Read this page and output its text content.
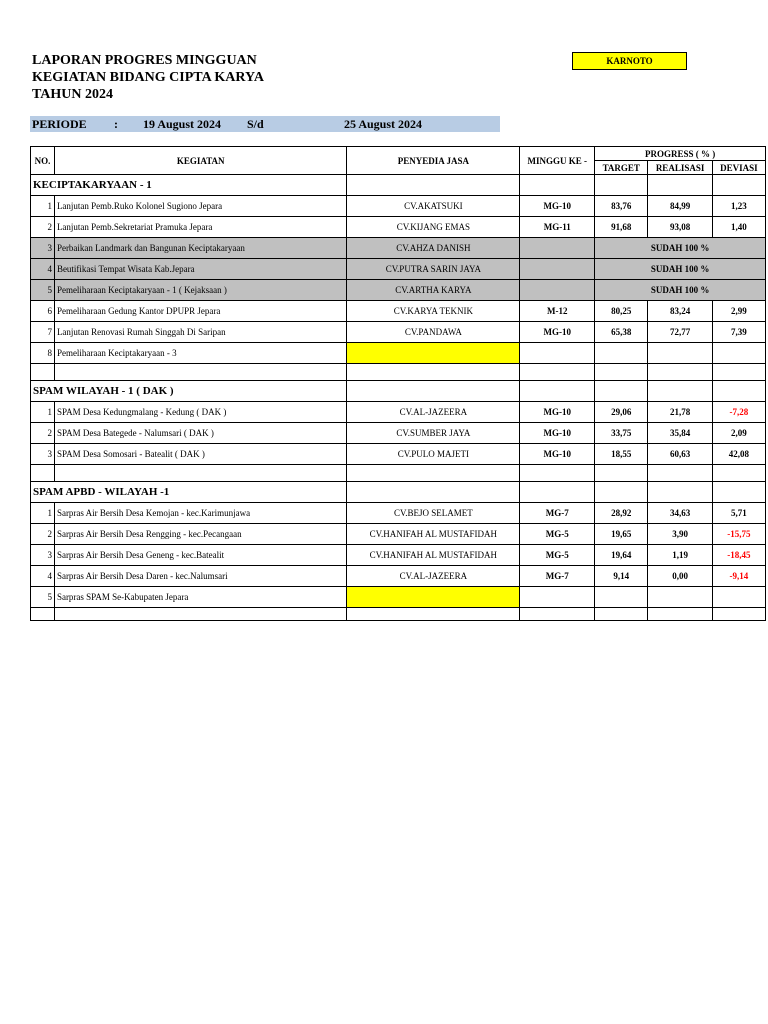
LAPORAN PROGRES MINGGUAN
KEGIATAN BIDANG CIPTA KARYA
TAHUN 2024
KARNOTO
PERIODE : 19 August 2024 S/d	25 August 2024
NO.	KEGIATAN	PENYEDIA JASA	MINGGU KE -	PROGRESS ( % )		
				TARGET	REALISASI	DEVIASI
KECIPTAKARYAAN - 1						
1	Lanjutan Pemb.Ruko Kolonel Sugiono Jepara	CV.AKATSUKI	MG-10	83,76	84,99	1,23
2	Lanjutan Pemb.Sekretariat Pramuka Jepara	CV.KIJANG EMAS	MG-11	91,68	93,08	1,40
3	Perbaikan Landmark dan Bangunan Keciptakaryaan	CV.AHZA DANISH		SUDAH 100 %		
4	Beutifikasi Tempat Wisata Kab.Jepara	CV.PUTRA SARIN JAYA		SUDAH 100 %		
5	Pemeliharaan Keciptakaryaan - 1 ( Kejaksaan )	CV.ARTHA KARYA		SUDAH 100 %		
6	Pemeliharaan Gedung Kantor DPUPR Jepara	CV.KARYA TEKNIK	M-12	80,25	83,24	2,99
7	Lanjutan Renovasi Rumah Singgah Di Saripan	CV.PANDAWA	MG-10	65,38	72,77	7,39
8	Pemeliharaan Keciptakaryaan - 3					

SPAM WILAYAH - 1 ( DAK )						
1	SPAM Desa Kedungmalang - Kedung ( DAK )	CV.AL-JAZEERA	MG-10	29,06	21,78	-7,28
2	SPAM Desa Bategede - Nalumsari ( DAK )	CV.SUMBER JAYA	MG-10	33,75	35,84	2,09
3	SPAM Desa Somosari - Batealit ( DAK )	CV.PULO MAJETI	MG-10	18,55	60,63	42,08

SPAM APBD - WILAYAH -1						
1	Sarpras Air Bersih Desa Kemojan - kec.Karimunjawa	CV.BEJO SELAMET	MG-7	28,92	34,63	5,71
2	Sarpras Air Bersih Desa Rengging - kec.Pecangaan	CV.HANIFAH AL MUSTAFIDAH	MG-5	19,65	3,90	-15,75
3	Sarpras Air Bersih Desa Geneng - kec.Batealit	CV.HANIFAH AL MUSTAFIDAH	MG-5	19,64	1,19	-18,45
4	Sarpras Air Bersih Desa Daren - kec.Nalumsari	CV.AL-JAZEERA	MG-7	9,14	0,00	-9,14
5	Sarpras SPAM Se-Kabupaten Jepara					
